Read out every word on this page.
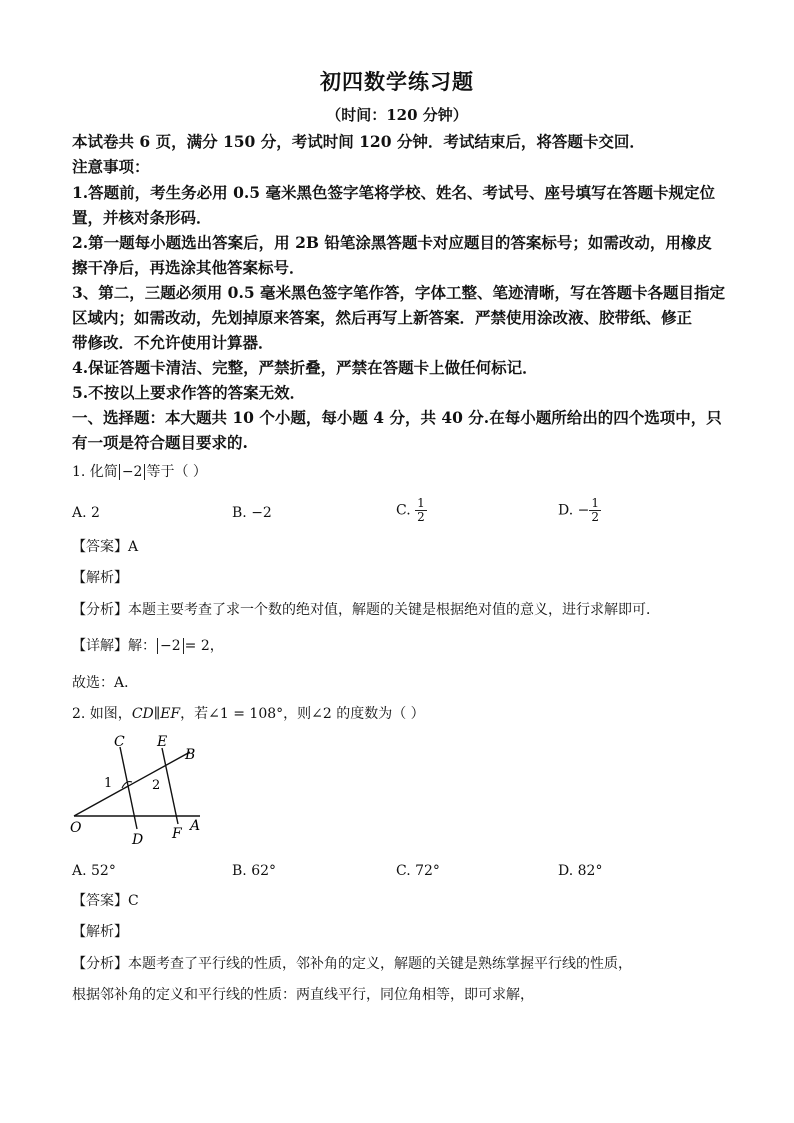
初四数学练习题
（时间：120 分钟）
本试卷共 6 页，满分 150 分，考试时间 120 分钟．考试结束后，将答题卡交回．
注意事项：
1.答题前，考生务必用 0.5 毫米黑色签字笔将学校、姓名、考试号、座号填写在答题卡规定位
置，并核对条形码．
2.第一题每小题选出答案后，用 2B 铅笔涂黑答题卡对应题目的答案标号；如需改动，用橡皮
擦干净后，再选涂其他答案标号．
3、第二，三题必须用 0.5 毫米黑色签字笔作答，字体工整、笔迹清晰，写在答题卡各题目指定
区域内；如需改动，先划掉原来答案，然后再写上新答案．严禁使用涂改液、胶带纸、修正
带修改．不允许使用计算器．
4.保证答题卡清洁、完整，严禁折叠，严禁在答题卡上做任何标记．
5.不按以上要求作答的答案无效．
一、选择题：本大题共 10 个小题，每小题 4 分，共 40 分.在每小题所给出的四个选项中，只
有一项是符合题目要求的.
1. 化简 −2 等于（ ）
A. 2	B. −2	C. $\frac{1}{2}$	D. − $\frac{1}{2}$
【答案】A
【解析】
【分析】本题主要考查了求一个数的绝对值，解题的关键是根据绝对值的意义，进行求解即可．
【详解】解： −2 = 2，
故选：A．
2. 如图，CD∥EF，若∠1 = 108°，则∠2 的度数为（ ）
C E
B
1	2
O
D F A
A. 52°	B. 62°	C. 72°	D. 82°
【答案】C
【解析】
【分析】本题考查了平行线的性质，邻补角的定义，解题的关键是熟练掌握平行线的性质，
根据邻补角的定义和平行线的性质：两直线平行，同位角相等，即可求解，
